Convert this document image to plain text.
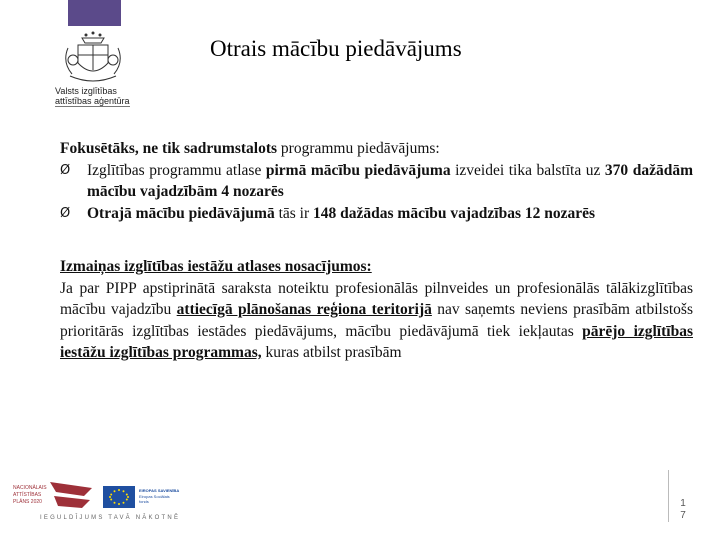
Valsts izglītības
attīstības aģentūra
Otrais mācību piedāvājums

Fokusētāks, ne tik sadrumstalots programmu piedāvājums:

Ø Izglītības programmu atlase pirmā mācību piedāvājuma izveidei tika balstīta uz 370 dažādām mācību vajadzībām 4 nozarēs

Ø Otrajā mācību piedāvājumā tās ir 148 dažādas mācību vajadzības 12 nozarēs

Izmaiņas izglītības iestāžu atlases nosacījumos:

Ja par PIPP apstiprinātā saraksta noteiktu profesionālās pilnveides un profesionālās tālākizglītības mācību vajadzību attiecīgā plānošanas reģiona teritorijā nav saņemts neviens prasībām atbilstošs prioritārās izglītības iestādes piedāvājums, mācību piedāvājumā tiek iekļautas pārējo izglītības iestāžu izglītības programmas, kuras atbilst prasībām

NACIONĀLAIS
ATTĪSTĪBAS
PLĀNS 2020
EIROPAS SAVIENĪBA
Eiropas Sociālais
fonds
IEGULDĪJUMS TAVĀ NĀKOTNĒ
1
7
